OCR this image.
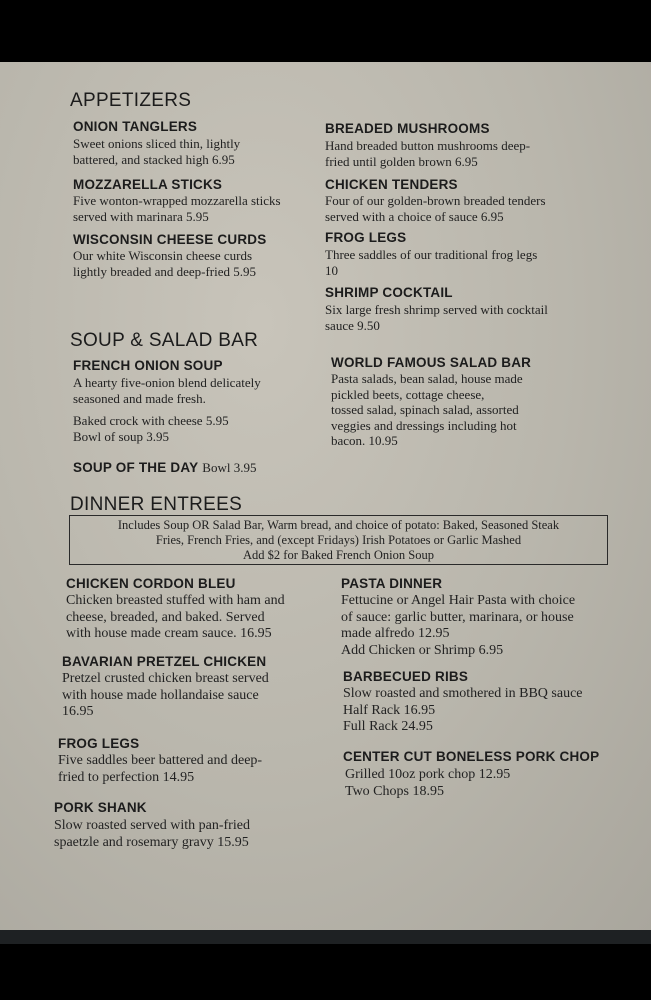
APPETIZERS
ONION TANGLERS
Sweet onions sliced thin, lightly
battered, and stacked high 6.95
MOZZARELLA STICKS
Five wonton-wrapped mozzarella sticks
served with marinara 5.95
WISCONSIN CHEESE CURDS
Our white Wisconsin cheese curds
lightly breaded and deep-fried 5.95
BREADED MUSHROOMS
Hand breaded button mushrooms deep-
fried until golden brown 6.95
CHICKEN TENDERS
Four of our golden-brown breaded tenders
served with a choice of sauce 6.95
FROG LEGS
Three saddles of our traditional frog legs
10
SHRIMP COCKTAIL
Six large fresh shrimp served with cocktail
sauce 9.50
SOUP & SALAD BAR
FRENCH ONION SOUP
A hearty five-onion blend delicately
seasoned and made fresh.
Baked crock with cheese 5.95
Bowl of soup 3.95
SOUP OF THE DAY Bowl 3.95
WORLD FAMOUS SALAD BAR
Pasta salads, bean salad, house made
pickled beets, cottage cheese,
tossed salad, spinach salad, assorted
veggies and dressings including hot
bacon. 10.95
DINNER ENTREES
Includes Soup OR Salad Bar, Warm bread, and choice of potato: Baked, Seasoned Steak
Fries, French Fries, and (except Fridays) Irish Potatoes or Garlic Mashed
Add $2 for Baked French Onion Soup
CHICKEN CORDON BLEU
Chicken breasted stuffed with ham and
cheese, breaded, and baked. Served
with house made cream sauce. 16.95
BAVARIAN PRETZEL CHICKEN
Pretzel crusted chicken breast served
with house made hollandaise sauce
16.95
FROG LEGS
Five saddles beer battered and deep-
fried to perfection 14.95
PORK SHANK
Slow roasted served with pan-fried
spaetzle and rosemary gravy 15.95
PASTA DINNER
Fettucine or Angel Hair Pasta with choice
of sauce: garlic butter, marinara, or house
made alfredo 12.95
Add Chicken or Shrimp 6.95
BARBECUED RIBS
Slow roasted and smothered in BBQ sauce
Half Rack 16.95
Full Rack 24.95
CENTER CUT BONELESS PORK CHOP
Grilled 10oz pork chop 12.95
Two Chops 18.95
